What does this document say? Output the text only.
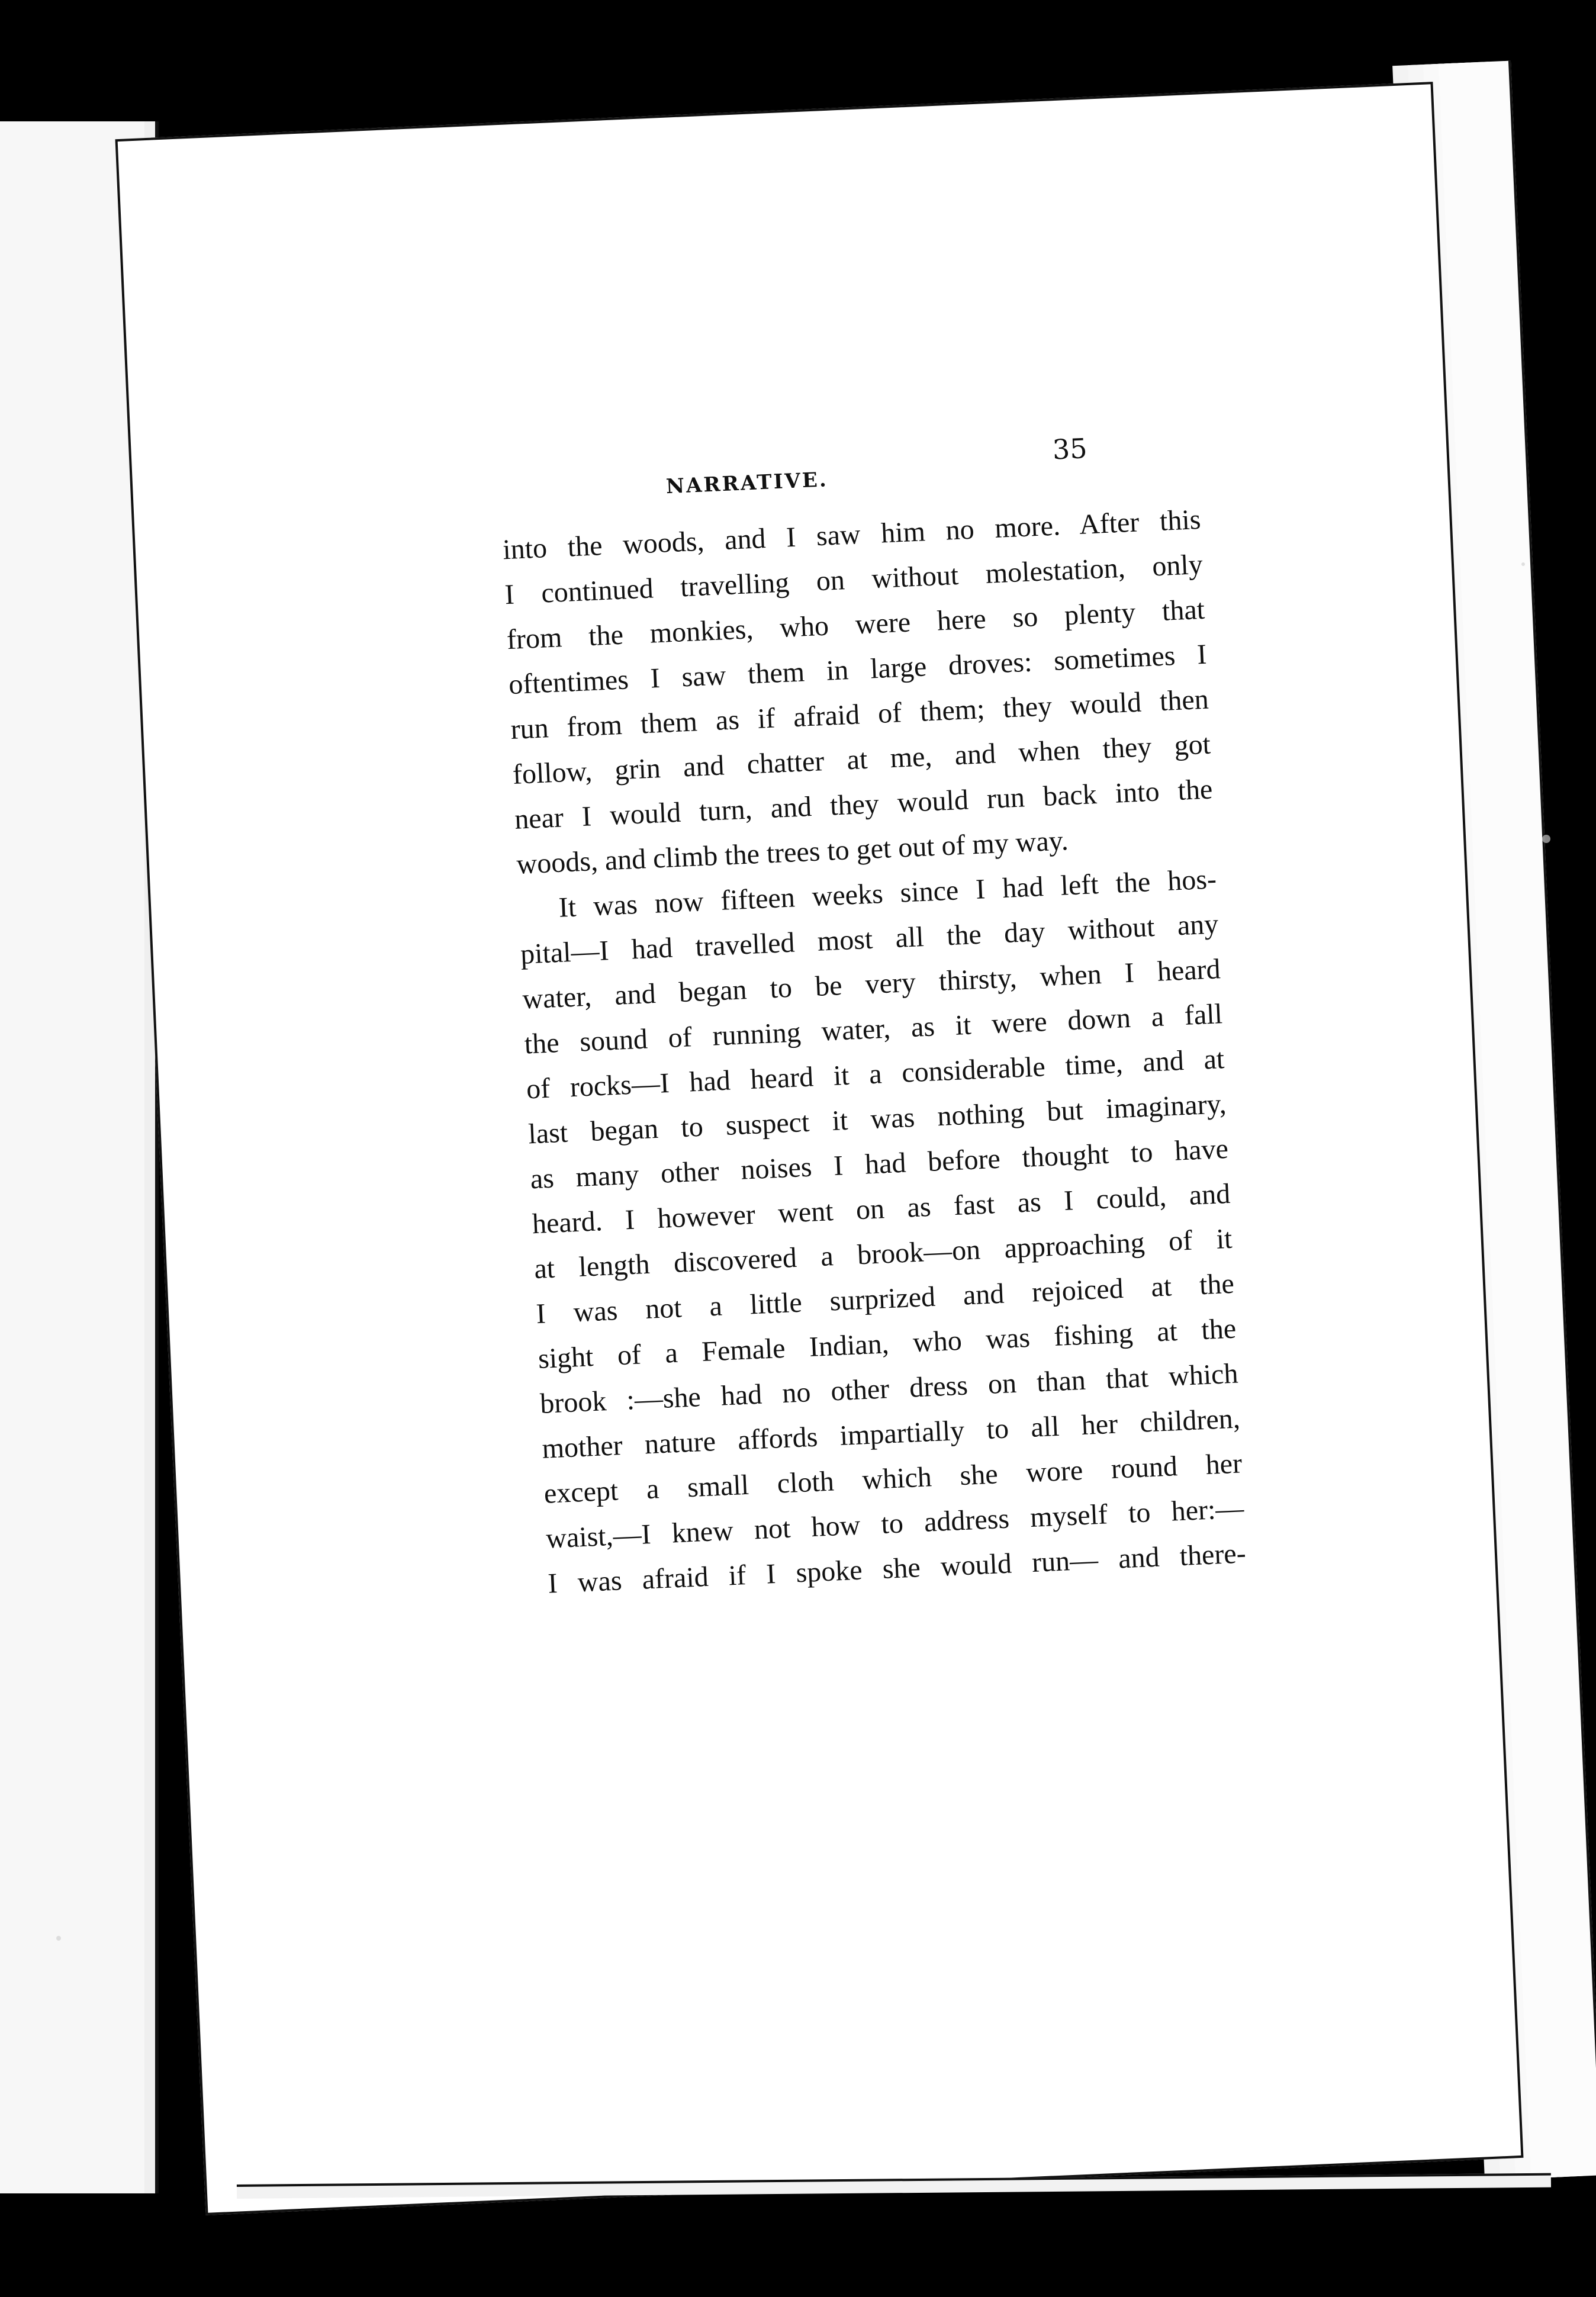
NARRATIVE.
35
into the woods, and I saw him no more. After this
I continued travelling on without molestation, only
from the monkies, who were here so plenty that
oftentimes I saw them in large droves: sometimes I
run from them as if afraid of them; they would then
follow, grin and chatter at me, and when they got
near I would turn, and they would run back into the
woods, and climb the trees to get out of my way.
It was now fifteen weeks since I had left the hos-
pital—I had travelled most all the day without any
water, and began to be very thirsty, when I heard
the sound of running water, as it were down a fall
of rocks—I had heard it a considerable time, and at
last began to suspect it was nothing but imaginary,
as many other noises I had before thought to have
heard. I however went on as fast as I could, and
at length discovered a brook—on approaching of it
I was not a little surprized and rejoiced at the
sight of a Female Indian, who was fishing at the
brook :—she had no other dress on than that which
mother nature affords impartially to all her children,
except a small cloth which she wore round her
waist,—I knew not how to address myself to her:—
I was afraid if I spoke she would run— and there-
